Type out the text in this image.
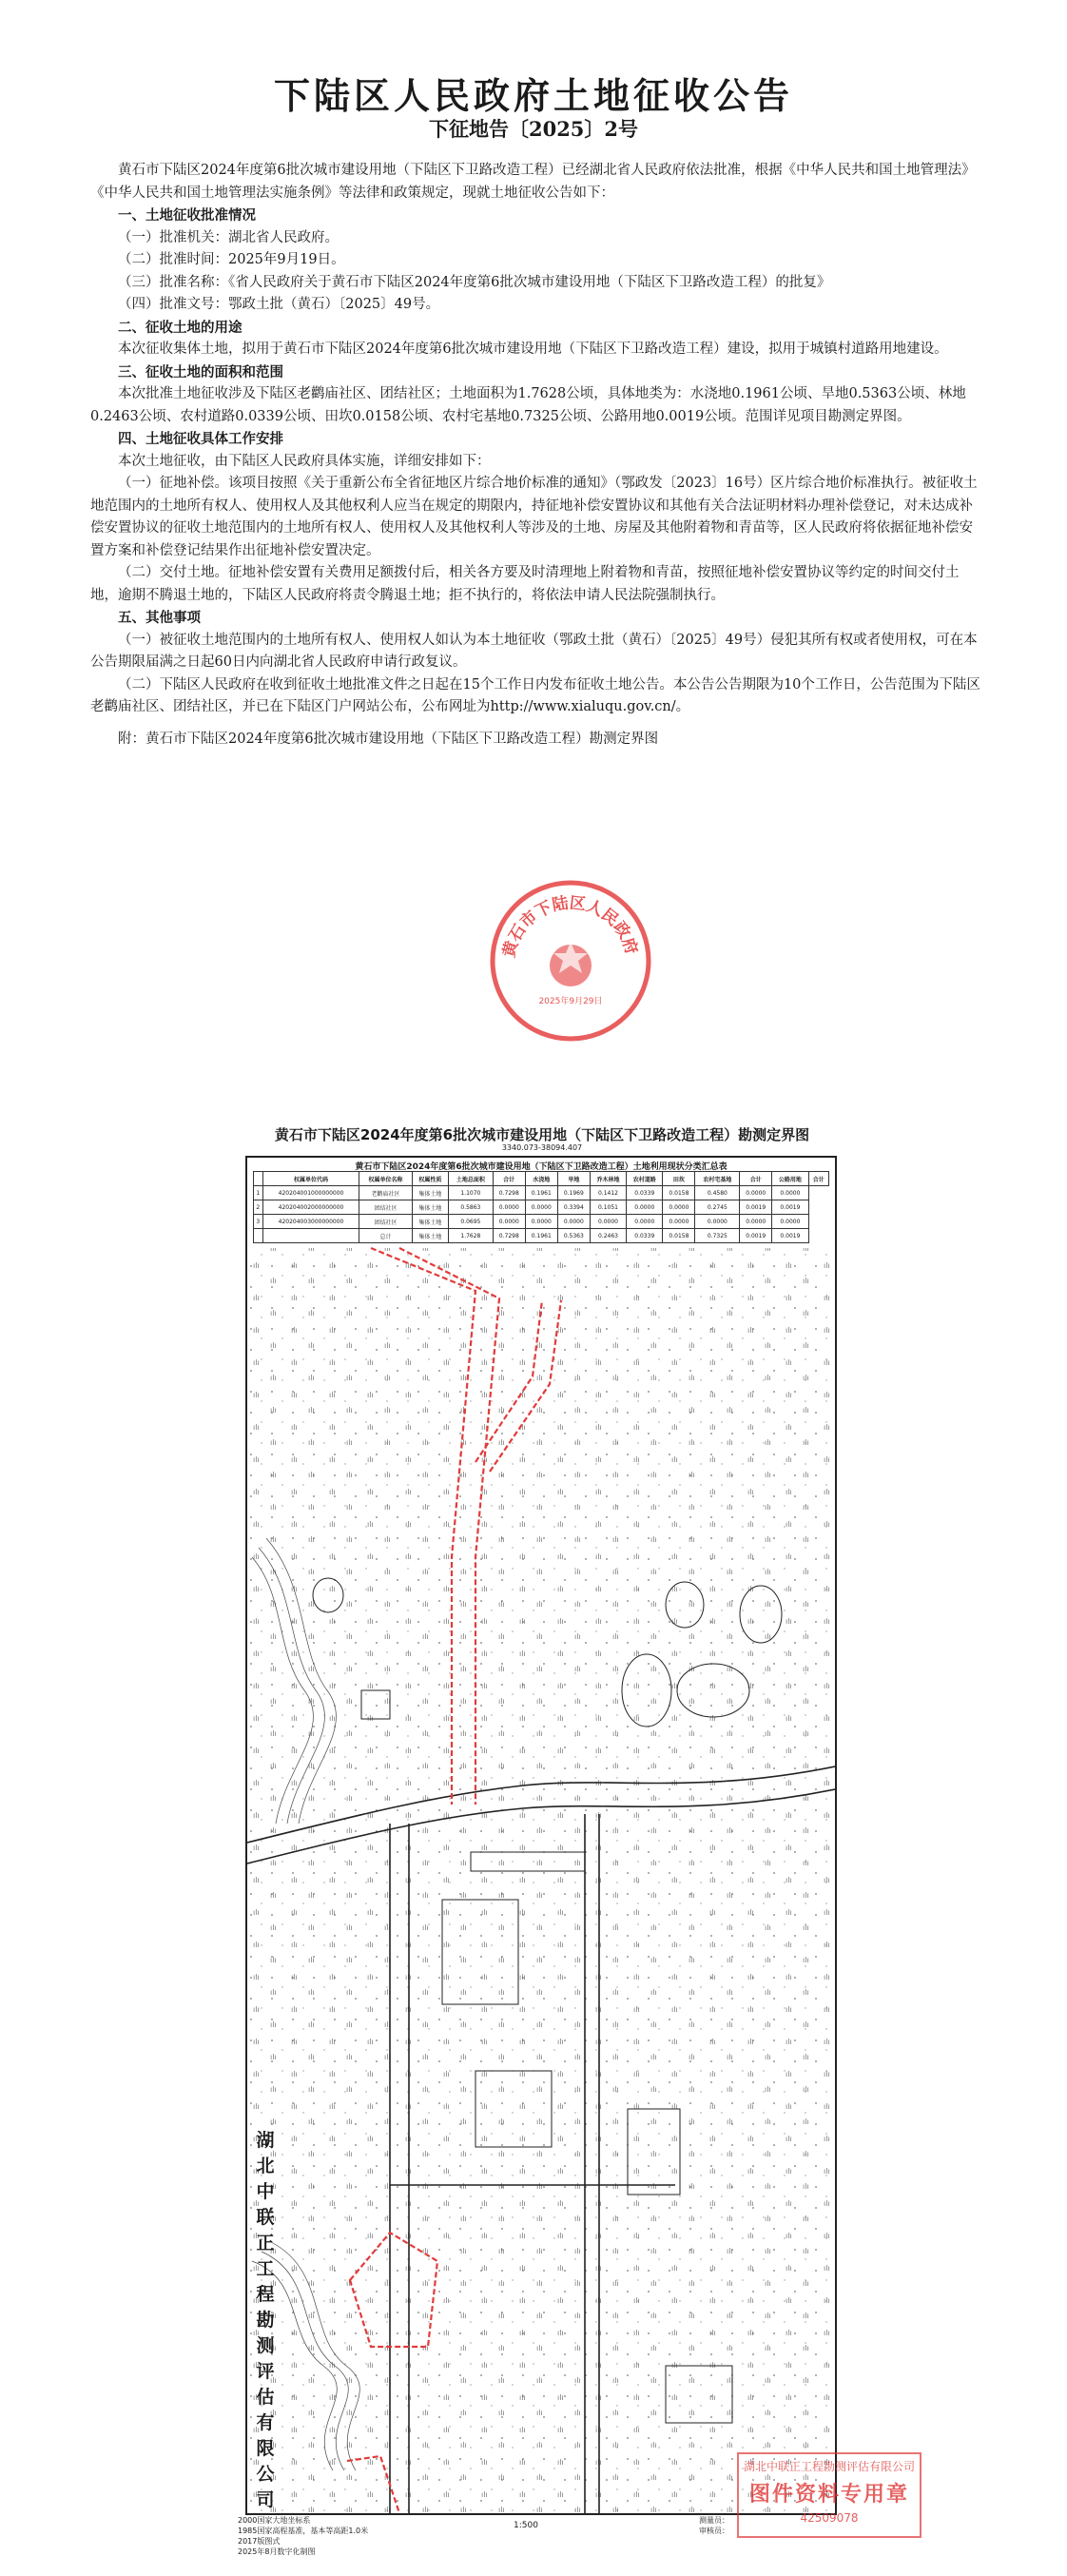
下陆区人民政府土地征收公告
下征地告〔2025〕2号

黄石市下陆区2024年度第6批次城市建设用地（下陆区下卫路改造工程）已经湖北省人民政府依法批准，根据《中华人民共和国土地管理法》《中华人民共和国土地管理法实施条例》等法律和政策规定，现就土地征收公告如下：

一、土地征收批准情况

（一）批准机关：湖北省人民政府。

（二）批准时间：2025年9月19日。

（三）批准名称：《省人民政府关于黄石市下陆区2024年度第6批次城市建设用地（下陆区下卫路改造工程）的批复》

（四）批准文号：鄂政土批（黄石）〔2025〕49号。

二、征收土地的用途

本次征收集体土地，拟用于黄石市下陆区2024年度第6批次城市建设用地（下陆区下卫路改造工程）建设，拟用于城镇村道路用地建设。

三、征收土地的面积和范围

本次批准土地征收涉及下陆区老鹳庙社区、团结社区；土地面积为1.7628公顷，具体地类为：水浇地0.1961公顷、旱地0.5363公顷、林地0.2463公顷、农村道路0.0339公顷、田坎0.0158公顷、农村宅基地0.7325公顷、公路用地0.0019公顷。范围详见项目勘测定界图。

四、土地征收具体工作安排

本次土地征收，由下陆区人民政府具体实施，详细安排如下：

（一）征地补偿。该项目按照《关于重新公布全省征地区片综合地价标准的通知》（鄂政发〔2023〕16号）区片综合地价标准执行。被征收土地范围内的土地所有权人、使用权人及其他权利人应当在规定的期限内，持征地补偿安置协议和其他有关合法证明材料办理补偿登记，对未达成补偿安置协议的征收土地范围内的土地所有权人、使用权人及其他权利人等涉及的土地、房屋及其他附着物和青苗等，区人民政府将依据征地补偿安置方案和补偿登记结果作出征地补偿安置决定。

（二）交付土地。征地补偿安置有关费用足额拨付后，相关各方要及时清理地上附着物和青苗，按照征地补偿安置协议等约定的时间交付土地，逾期不腾退土地的，下陆区人民政府将责令腾退土地；拒不执行的，将依法申请人民法院强制执行。

五、其他事项

（一）被征收土地范围内的土地所有权人、使用权人如认为本土地征收（鄂政土批（黄石）〔2025〕49号）侵犯其所有权或者使用权，可在本公告期限届满之日起60日内向湖北省人民政府申请行政复议。

（二）下陆区人民政府在收到征收土地批准文件之日起在15个工作日内发布征收土地公告。本公告公告期限为10个工作日，公告范围为下陆区老鹳庙社区、团结社区，并已在下陆区门户网站公布，公布网址为http://www.xialuqu.gov.cn/。

附：黄石市下陆区2024年度第6批次城市建设用地（下陆区下卫路改造工程）勘测定界图

黄石市下陆区人民政府
2025年9月29日
黄石市下陆区2024年度第6批次城市建设用地（下陆区下卫路改造工程）勘测定界图
3340.073-38094.407
黄石市下陆区2024年度第6批次城市建设用地（下陆区下卫路改造工程）土地利用现状分类汇总表
	权属单位代码	权属单位名称	权属性质	土地总面积	合计	水浇地	旱地	乔木林地	农村道路	田坎	农村宅基地	合计	公路用地	合计
1	420204001000000000	老鹳庙社区	集体土地	1.1070	0.7298	0.1961	0.1969	0.1412	0.0339	0.0158	0.4580	0.0000	0.0000	
2	420204002000000000	团结社区	集体土地	0.5863	0.0000	0.0000	0.3394	0.1051	0.0000	0.0000	0.2745	0.0019	0.0019	
3	420204003000000000	团结社区	集体土地	0.0695	0.0000	0.0000	0.0000	0.0000	0.0000	0.0000	0.0000	0.0000	0.0000	
		总计	集体土地	1.7628	0.7298	0.1961	0.5363	0.2463	0.0339	0.0158	0.7325	0.0019	0.0019	
湖
北
中
联
正
工
程
勘
测
评
估
有
限
公
司
2000国家大地坐标系
1985国家高程基准，基本等高距1.0米
2017版图式
2025年8月数字化制图
1:500
测量员：
审核员：
湖北中联正工程勘测评估有限公司
图件资料专用章
42509078
